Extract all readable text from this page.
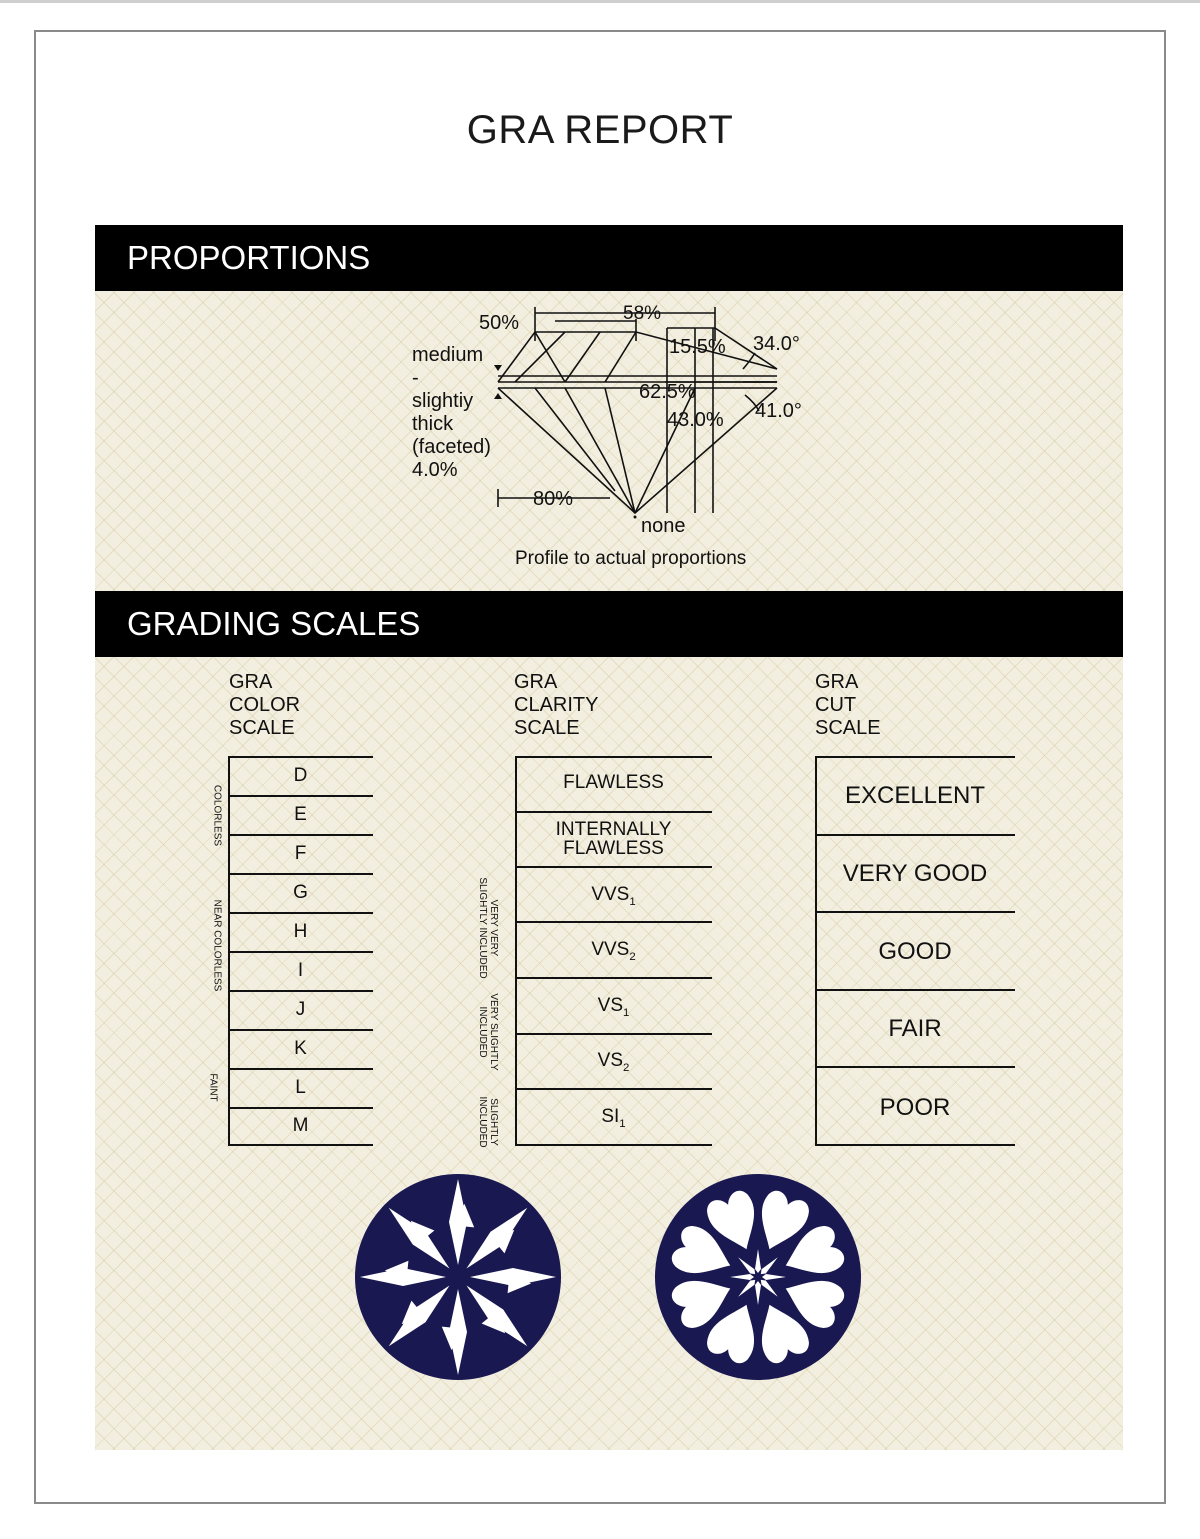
GRA REPORT
PROPORTIONS
50%	58%
15.5% 34.0°
62.5%
43.0% 41.0°
80%
none
medium
-
slightiy
thick
(faceted)
4.0%
Profile to actual proportions
GRADING SCALES
GRA
COLOR
SCALE
D
E
F
G
H
I
J
K
L
M
COLORLESS
NEAR COLORLESS
FAINT
GRA
CLARITY
SCALE
FLAWLESS
INTERNALLY
FLAWLESS
$VVS_1$
$VVS_2$
$VS_1$
$VS_2$
$SI_1$
VERY VERY
SLIGHTLY INCLUDED
VERY SLIGHTLY
INCLUDED
SLIGHTLY
INCLUDED
GRA
CUT
SCALE
EXCELLENT
VERY GOOD
GOOD
FAIR
POOR
